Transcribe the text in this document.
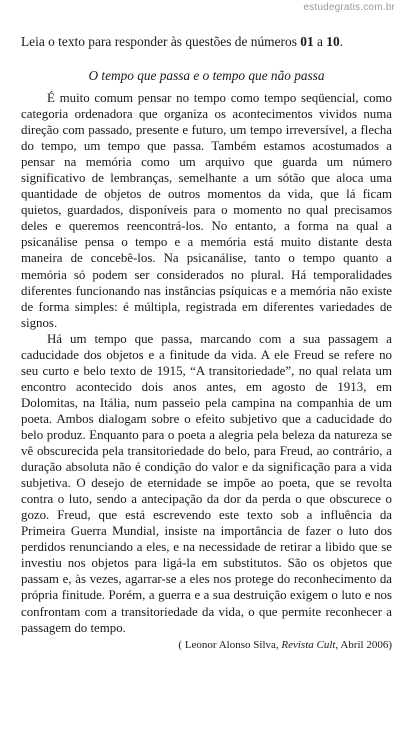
estudegratis.com.br

Leia o texto para responder às questões de números 01 a 10.

O tempo que passa e o tempo que não passa

É muito comum pensar no tempo como tempo seqüencial, como categoria ordenadora que organiza os acontecimentos vividos numa direção com passado, presente e futuro, um tempo irreversível, a flecha do tempo, um tempo que passa. Também estamos acostumados a pensar na memória como um arquivo que guarda um número significativo de lembranças, semelhante a um sótão que aloca uma quantidade de objetos de outros momentos da vida, que lá ficam quietos, guardados, disponíveis para o momento no qual precisamos deles e queremos reencontrá-los. No entanto, a forma na qual a psicanálise pensa o tempo e a memória está muito distante desta maneira de concebê-los. Na psicanálise, tanto o tempo quanto a memória só podem ser considerados no plural. Há temporalidades diferentes funcionando nas instâncias psíquicas e a memória não existe de forma simples: é múltipla, registrada em diferentes variedades de signos.

Há um tempo que passa, marcando com a sua passagem a caducidade dos objetos e a finitude da vida. A ele Freud se refere no seu curto e belo texto de 1915, “A transitoriedade”, no qual relata um encontro acontecido dois anos antes, em agosto de 1913, em Dolomitas, na Itália, num passeio pela campina na companhia de um poeta. Ambos dialogam sobre o efeito subjetivo que a caducidade do belo produz. Enquanto para o poeta a alegria pela beleza da natureza se vê obscurecida pela transitoriedade do belo, para Freud, ao contrário, a duração absoluta não é condição do valor e da significação para a vida subjetiva. O desejo de eternidade se impõe ao poeta, que se revolta contra o luto, sendo a antecipação da dor da perda o que obscurece o gozo. Freud, que está escrevendo este texto sob a influência da Primeira Guerra Mundial, insiste na importância de fazer o luto dos perdidos renunciando a eles, e na necessidade de retirar a libido que se investiu nos objetos para ligá-la em substitutos. São os objetos que passam e, às vezes, agarrar-se a eles nos protege do reconhecimento da própria finitude. Porém, a guerra e a sua destruição exigem o luto e nos confrontam com a transitoriedade da vida, o que permite reconhecer a passagem do tempo.

( Leonor Alonso Silva, Revista Cult, Abril 2006)
